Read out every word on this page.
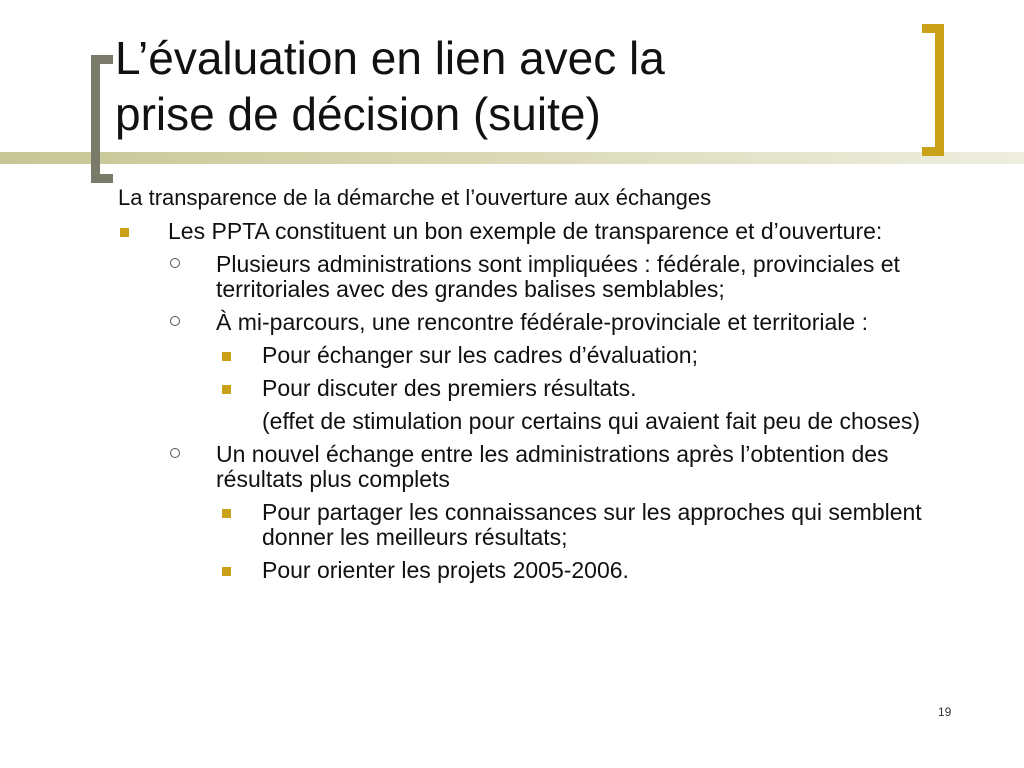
L’évaluation en lien avec la
prise de décision (suite)

La transparence de la démarche et l’ouverture aux échanges

Les PPTA constituent un bon exemple de transparence et d’ouverture:
Plusieurs administrations sont impliquées : fédérale, provinciales et territoriales avec des grandes balises semblables;
À mi-parcours, une rencontre fédérale-provinciale et territoriale :
Pour échanger sur les cadres d’évaluation;
Pour discuter des premiers résultats.
(effet de stimulation pour certains qui avaient fait peu de choses)
Un nouvel échange entre les administrations après l’obtention des résultats plus complets
Pour partager les connaissances sur les approches qui semblent donner les meilleurs résultats;
Pour orienter les projets 2005-2006.
19
